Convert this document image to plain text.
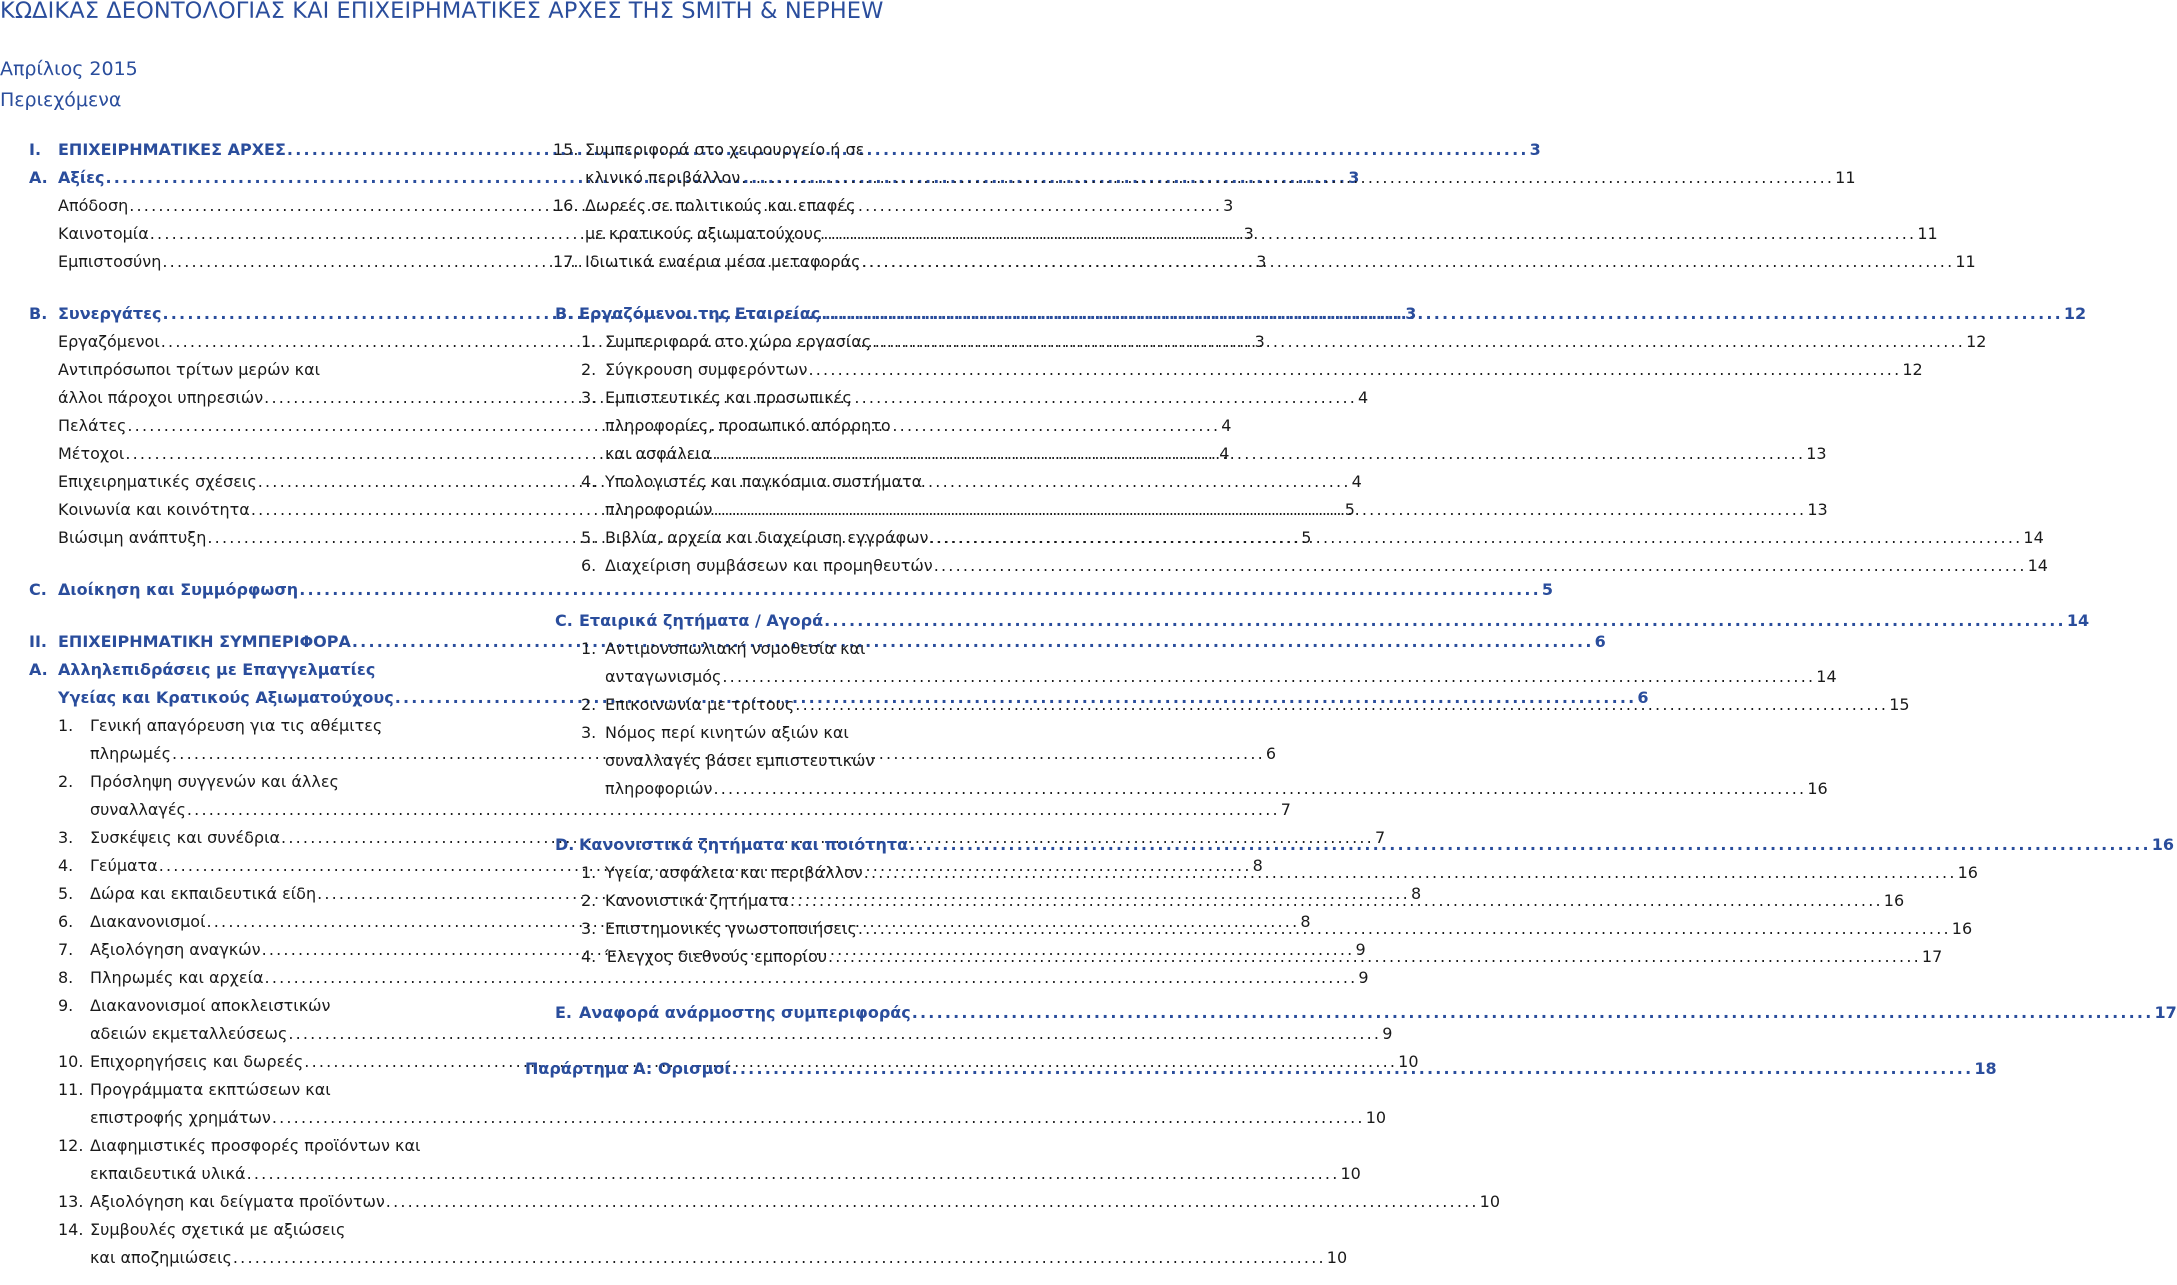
ΚΩΔΙΚΑΣ ΔΕΟΝΤΟΛΟΓΙΑΣ ΚΑΙ ΕΠΙΧΕΙΡΗΜΑΤΙΚΕΣ ΑΡΧΕΣ ΤΗΣ SMITH & NEPHEW
Απρίλιος 2015
Περιεχόμενα
I.	ΕΠΙΧΕΙΡΗΜΑΤΙΚΕΣ ΑΡΧΕΣ .....	3
A. Αξίες .....	3
Απόδοση .....	3
Καινοτομία .....	3
Εμπιστοσύνη .....	3
B. Συνεργάτες .....	3
Εργαζόμενοι .....	3
Αντιπρόσωποι τρίτων μερών και
άλλοι πάροχοι υπηρεσιών .....	4
Πελάτες .....	4
Μέτοχοι .....	4
Επιχειρηματικές σχέσεις .....	4
Κοινωνία και κοινότητα .....	5
Βιώσιμη ανάπτυξη .....	5
C. Διοίκηση και Συμμόρφωση .....	5
II. ΕΠΙΧΕΙΡΗΜΑΤΙΚΗ ΣΥΜΠΕΡΙΦΟΡΑ .....	6
A. Αλληλεπιδράσεις με Επαγγελματίες
Υγείας και Κρατικούς Αξιωματούχους .....	6
1.	Γενική απαγόρευση για τις αθέμιτες
πληρωμές .....	6
2.	Πρόσληψη συγγενών και άλλες
συναλλαγές .....	7
3.	Συσκέψεις και συνέδρια .....	7
4.	Γεύματα .....	8
5.	Δώρα και εκπαιδευτικά είδη .....	8
6.	Διακανονισμοί .....	8
7.	Αξιολόγηση αναγκών .....	9
8.	Πληρωμές και αρχεία .....	9
9.	Διακανονισμοί αποκλειστικών
αδειών εκμεταλλεύσεως .....	9
10. Επιχορηγήσεις και δωρεές .....	10
11. Προγράμματα εκπτώσεων και
επιστροφής χρημάτων .....	10
12. Διαφημιστικές προσφορές προϊόντων και
εκπαιδευτικά υλικά .....	10
13. Αξιολόγηση και δείγματα προϊόντων .....	10
14. Συμβουλές σχετικά με αξιώσεις
και αποζημιώσεις .....	10
15. Συμπεριφορά στο χειρουργείο ή σε
κλινικό περιβάλλον .....	11
16. Δωρεές σε πολιτικούς και επαφές
με κρατικούς αξιωματούχους .....	11
17. Ιδιωτικά εναέρια μέσα μεταφοράς .....	11
B. Εργαζόμενοι της Εταιρείας .....	12
1. Συμπεριφορά στο χώρο εργασίας .....	12
2. Σύγκρουση συμφερόντων .....	12
3. Εμπιστευτικές και προσωπικές
πληροφορίες, προσωπικό απόρρητο
και ασφάλεια .....	13
4. Υπολογιστές και παγκόσμια συστήματα
πληροφοριών .....	13
5. Βιβλία, αρχεία και διαχείριση εγγράφων .....	14
6. Διαχείριση συμβάσεων και προμηθευτών .....	14
C. Εταιρικά ζητήματα / Αγορά .....	14
1. Αντιμονοπωλιακή νομοθεσία και
ανταγωνισμός .....	14
2. Επικοινωνία με τρίτους .....	15
3. Νόμος περί κινητών αξιών και
συναλλαγές βάσει εμπιστευτικών
πληροφοριών .....	16
D. Κανονιστικά ζητήματα και ποιότητα .....	16
1. Υγεία, ασφάλεια και περιβάλλον .....	16
2. Κανονιστικά ζητήματα .....	16
3. Επιστημονικές γνωστοποιήσεις .....	16
4. Έλεγχος διεθνούς εμπορίου .....	17
E. Αναφορά ανάρμοστης συμπεριφοράς .....	17
Παράρτημα A: Ορισμοί .....	18
